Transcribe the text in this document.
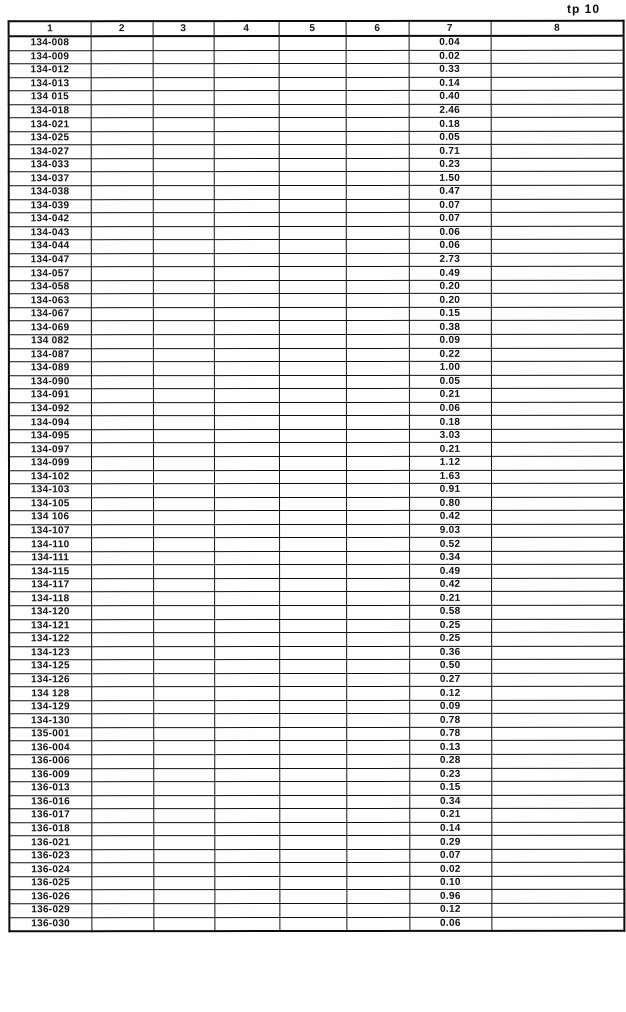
tp 10
1	2	3	4	5	6	7	8
134-008						0.04	
134-009						0.02	
134-012						0.33	
134-013						0.14	
134 015						0.40	
134-018						2.46	
134-021						0.18	
134-025						0.05	
134-027						0.71	
134-033						0.23	
134-037						1.50	
134-038						0.47	
134-039						0.07	
134-042						0.07	
134-043						0.06	
134-044						0.06	
134-047						2.73	
134-057						0.49	
134-058						0.20	
134-063						0.20	
134-067						0.15	
134-069						0.38	
134 082						0.09	
134-087						0.22	
134-089						1.00	
134-090						0.05	
134-091						0.21	
134-092						0.06	
134-094						0.18	
134-095						3.03	
134-097						0.21	
134-099						1.12	
134-102						1.63	
134-103						0.91	
134-105						0.80	
134 106						0.42	
134-107						9.03	
134-110						0.52	
134-111						0.34	
134-115						0.49	
134-117						0.42	
134-118						0.21	
134-120						0.58	
134-121						0.25	
134-122						0.25	
134-123						0.36	
134-125						0.50	
134-126						0.27	
134 128						0.12	
134-129						0.09	
134-130						0.78	
135-001						0.78	
136-004						0.13	
136-006						0.28	
136-009						0.23	
136-013						0.15	
136-016						0.34	
136-017						0.21	
136-018						0.14	
136-021						0.29	
136-023						0.07	
136-024						0.02	
136-025						0.10	
136-026						0.96	
136-029						0.12	
136-030						0.06	
